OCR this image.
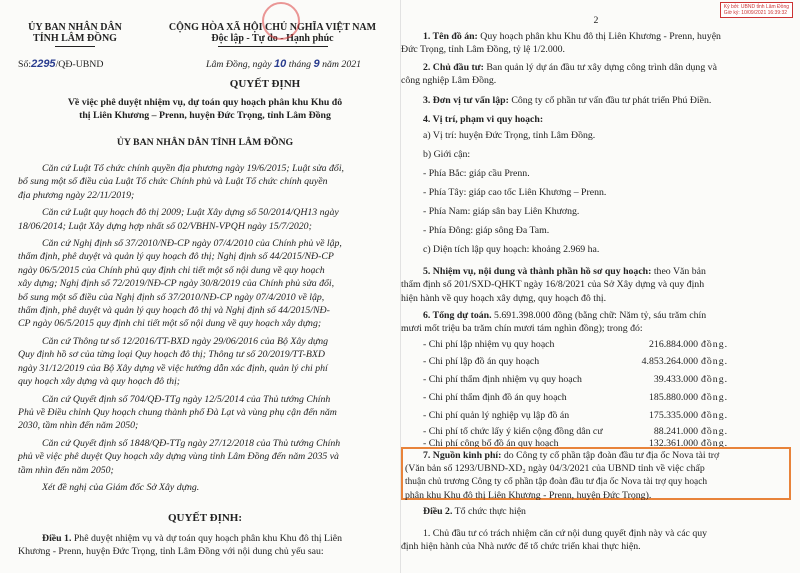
ỦY BAN NHÂN DÂN
TỈNH LÂM ĐỒNG
CỘNG HÒA XÃ HỘI CHỦ NGHĨA VIỆT NAM
Độc lập - Tự do - Hạnh phúc
Số:2295/QĐ-UBND	Lâm Đồng, ngày 10 tháng 9 năm 2021
QUYẾT ĐỊNH
Về việc phê duyệt nhiệm vụ, dự toán quy hoạch phân khu Khu đô
thị Liên Khương – Prenn, huyện Đức Trọng, tỉnh Lâm Đồng
ỦY BAN NHÂN DÂN TỈNH LÂM ĐỒNG
Căn cứ Luật Tổ chức chính quyền địa phương ngày 19/6/2015; Luật sửa đổi,
bổ sung một số điều của Luật Tổ chức Chính phủ và Luật Tổ chức chính quyền
địa phương ngày 22/11/2019;
Căn cứ Luật quy hoạch đô thị 2009; Luật Xây dựng số 50/2014/QH13 ngày
18/06/2014; Luật Xây dựng hợp nhất số 02/VBHN-VPQH ngày 15/7/2020;
Căn cứ Nghị định số 37/2010/NĐ-CP ngày 07/4/2010 của Chính phủ về lập,
thẩm định, phê duyệt và quản lý quy hoạch đô thị; Nghị định số 44/2015/NĐ-CP
ngày 06/5/2015 của Chính phủ quy định chi tiết một số nội dung về quy hoạch
xây dựng; Nghị định số 72/2019/NĐ-CP ngày 30/8/2019 của Chính phủ sửa đổi,
bổ sung một số điều của Nghị định số 37/2010/NĐ-CP ngày 07/4/2010 về lập,
thẩm định, phê duyệt và quản lý quy hoạch đô thị và Nghị định số 44/2015/NĐ-
CP ngày 06/5/2015 quy định chi tiết một số nội dung về quy hoạch xây dựng;
Căn cứ Thông tư số 12/2016/TT-BXD ngày 29/06/2016 của Bộ Xây dựng
Quy định hồ sơ của từng loại Quy hoạch đô thị; Thông tư số 20/2019/TT-BXD
ngày 31/12/2019 của Bộ Xây dựng về việc hướng dẫn xác định, quản lý chi phí
quy hoạch xây dựng và quy hoạch đô thị;
Căn cứ Quyết định số 704/QĐ-TTg ngày 12/5/2014 của Thủ tướng Chính
Phủ về Điều chỉnh Quy hoạch chung thành phố Đà Lạt và vùng phụ cận đến năm
2030, tầm nhìn đến năm 2050;
Căn cứ Quyết định số 1848/QĐ-TTg ngày 27/12/2018 của Thủ tướng Chính
phủ về việc phê duyệt Quy hoạch xây dựng vùng tỉnh Lâm Đồng đến năm 2035 và
tầm nhìn đến năm 2050;
Xét đề nghị của Giám đốc Sở Xây dựng.
QUYẾT ĐỊNH:
Điều 1. Phê duyệt nhiệm vụ và dự toán quy hoạch phân khu Khu đô thị Liên
Khương - Prenn, huyện Đức Trọng, tỉnh Lâm Đồng với nội dung chủ yếu sau:
Ký bởi: UBND tỉnh Lâm Đồng
Giờ ký: 10/09/2021 16:39:32
2
1. Tên đồ án: Quy hoạch phân khu Khu đô thị Liên Khương - Prenn, huyện
Đức Trọng, tỉnh Lâm Đồng, tỷ lệ 1/2.000.
2. Chủ đầu tư: Ban quản lý dự án đầu tư xây dựng công trình dân dụng và
công nghiệp Lâm Đồng.
3. Đơn vị tư vấn lập: Công ty cổ phần tư vấn đầu tư phát triển Phú Điền.
4. Vị trí, phạm vi quy hoạch:
a) Vị trí: huyện Đức Trọng, tỉnh Lâm Đồng.
b) Giới cận:
- Phía Bắc: giáp cầu Prenn.
- Phía Tây: giáp cao tốc Liên Khương – Prenn.
- Phía Nam: giáp sân bay Liên Khương.
- Phía Đông: giáp sông Đa Tam.
c) Diện tích lập quy hoạch: khoảng 2.969 ha.
5. Nhiệm vụ, nội dung và thành phần hồ sơ quy hoạch: theo Văn bản
thẩm định số 201/SXD-QHKT ngày 16/8/2021 của Sở Xây dựng và quy định
hiện hành về quy hoạch xây dựng, quy hoạch đô thị.
6. Tổng dự toán. 5.691.398.000 đồng (bằng chữ: Năm tỷ, sáu trăm chín
mươi mốt triệu ba trăm chín mươi tám nghìn đồng); trong đó:
- Chi phí lập nhiệm vụ quy hoạch	216.884.000 đồng.
- Chi phí lập đồ án quy hoạch	4.853.264.000 đồng.
- Chi phí thẩm định nhiệm vụ quy hoạch	39.433.000 đồng.
- Chi phí thẩm định đồ án quy hoạch	185.880.000 đồng.
- Chi phí quản lý nghiệp vụ lập đồ án	175.335.000 đồng.
- Chi phí tổ chức lấy ý kiến cộng đồng dân cư	88.241.000 đồng.
- Chi phí công bố đồ án quy hoạch	132.361.000 đồng.
7. Nguồn kinh phí: do Công ty cổ phần tập đoàn đầu tư địa ốc Nova tài trợ
(Văn bản số 1293/UBND-XD₂ ngày 04/3/2021 của UBND tỉnh về việc chấp
thuận chủ trương Công ty cổ phần tập đoàn đầu tư địa ốc Nova tài trợ quy hoạch
phân khu Khu đô thị Liên Khương - Prenn, huyện Đức Trọng).
Điều 2. Tổ chức thực hiện
1. Chủ đầu tư có trách nhiệm căn cứ nội dung quyết định này và các quy
định hiện hành của Nhà nước để tổ chức triển khai thực hiện.
